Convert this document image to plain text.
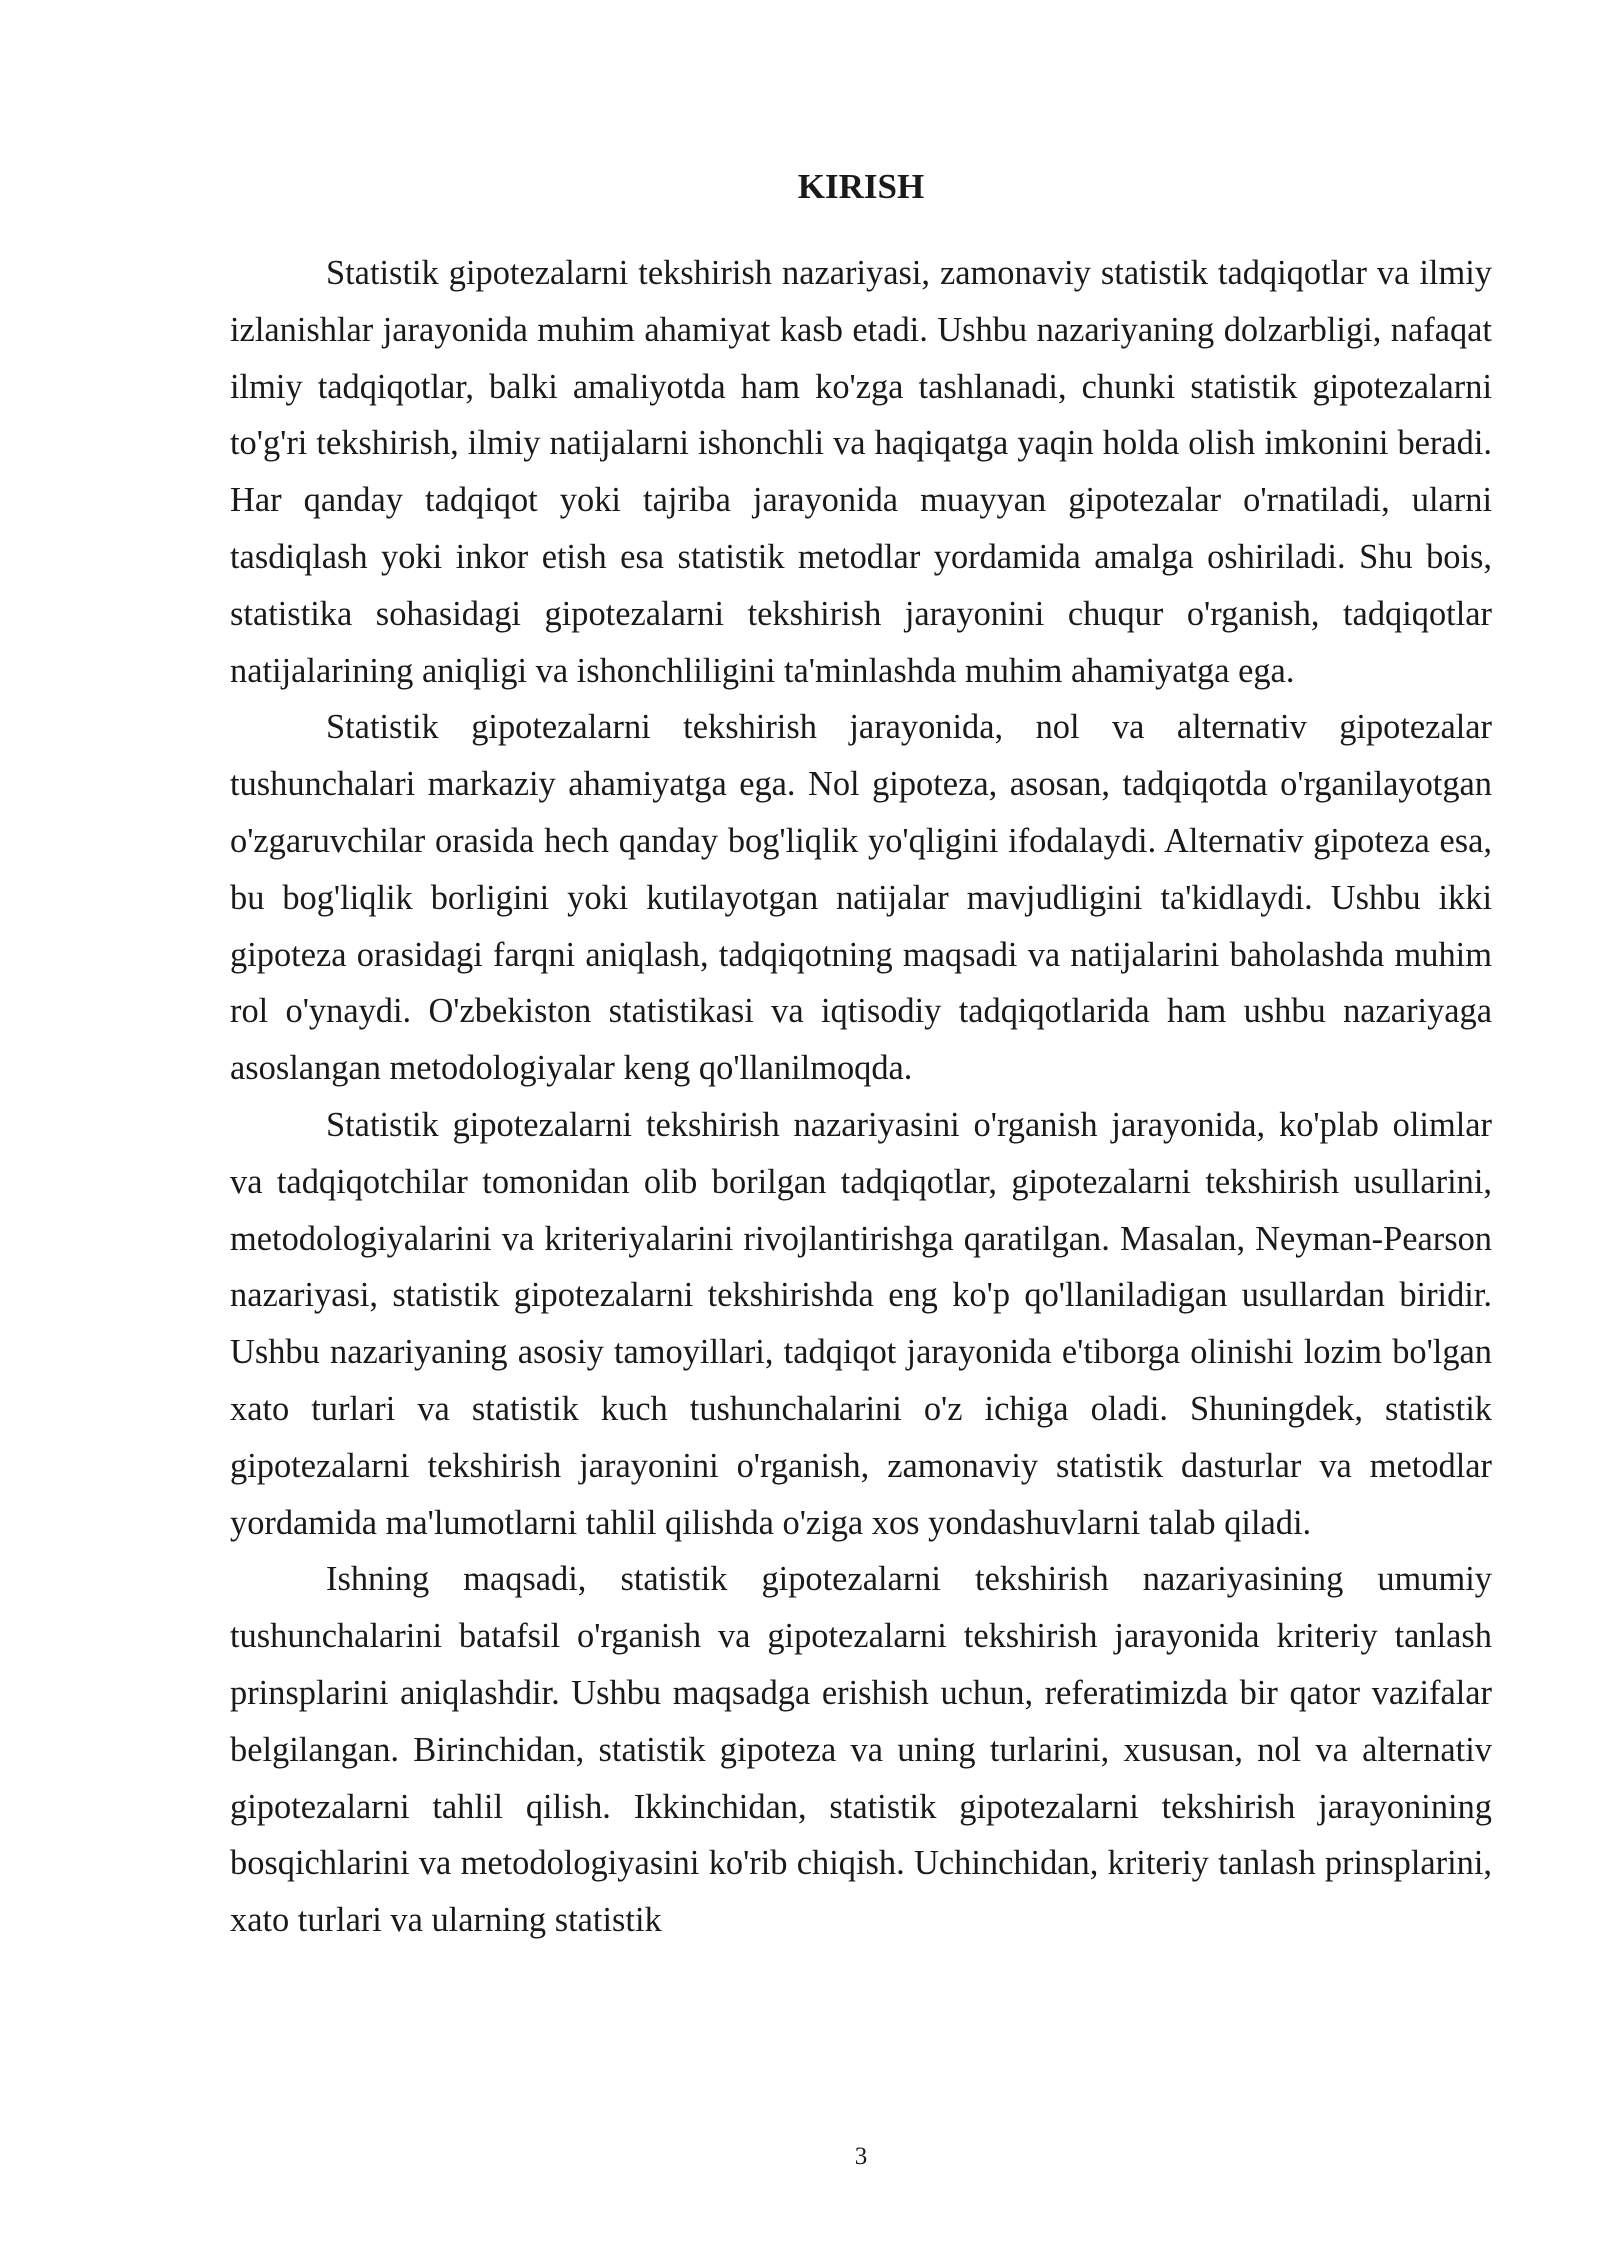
KIRISH

Statistik gipotezalarni tekshirish nazariyasi, zamonaviy statistik tadqiqotlar va ilmiy izlanishlar jarayonida muhim ahamiyat kasb etadi. Ushbu nazariyaning dolzarbligi, nafaqat ilmiy tadqiqotlar, balki amaliyotda ham ko'zga tashlanadi, chunki statistik gipotezalarni to'g'ri tekshirish, ilmiy natijalarni ishonchli va haqiqatga yaqin holda olish imkonini beradi. Har qanday tadqiqot yoki tajriba jarayonida muayyan gipotezalar o'rnatiladi, ularni tasdiqlash yoki inkor etish esa statistik metodlar yordamida amalga oshiriladi. Shu bois, statistika sohasidagi gipotezalarni tekshirish jarayonini chuqur o'rganish, tadqiqotlar natijalarining aniqligi va ishonchliligini ta'minlashda muhim ahamiyatga ega.

Statistik gipotezalarni tekshirish jarayonida, nol va alternativ gipotezalar tushunchalari markaziy ahamiyatga ega. Nol gipoteza, asosan, tadqiqotda o'rganilayotgan o'zgaruvchilar orasida hech qanday bog'liqlik yo'qligini ifodalaydi. Alternativ gipoteza esa, bu bog'liqlik borligini yoki kutilayotgan natijalar mavjudligini ta'kidlaydi. Ushbu ikki gipoteza orasidagi farqni aniqlash, tadqiqotning maqsadi va natijalarini baholashda muhim rol o'ynaydi. O'zbekiston statistikasi va iqtisodiy tadqiqotlarida ham ushbu nazariyaga asoslangan metodologiyalar keng qo'llanilmoqda.

Statistik gipotezalarni tekshirish nazariyasini o'rganish jarayonida, ko'plab olimlar va tadqiqotchilar tomonidan olib borilgan tadqiqotlar, gipotezalarni tekshirish usullarini, metodologiyalarini va kriteriyalarini rivojlantirishga qaratilgan. Masalan, Neyman-Pearson nazariyasi, statistik gipotezalarni tekshirishda eng ko'p qo'llaniladigan usullardan biridir. Ushbu nazariyaning asosiy tamoyillari, tadqiqot jarayonida e'tiborga olinishi lozim bo'lgan xato turlari va statistik kuch tushunchalarini o'z ichiga oladi. Shuningdek, statistik gipotezalarni tekshirish jarayonini o'rganish, zamonaviy statistik dasturlar va metodlar yordamida ma'lumotlarni tahlil qilishda o'ziga xos yondashuvlarni talab qiladi.

Ishning maqsadi, statistik gipotezalarni tekshirish nazariyasining umumiy tushunchalarini batafsil o'rganish va gipotezalarni tekshirish jarayonida kriteriy tanlash prinsplarini aniqlashdir. Ushbu maqsadga erishish uchun, referatimizda bir qator vazifalar belgilangan. Birinchidan, statistik gipoteza va uning turlarini, xususan, nol va alternativ gipotezalarni tahlil qilish. Ikkinchidan, statistik gipotezalarni tekshirish jarayonining bosqichlarini va metodologiyasini ko'rib chiqish. Uchinchidan, kriteriy tanlash prinsplarini, xato turlari va ularning statistik

3
